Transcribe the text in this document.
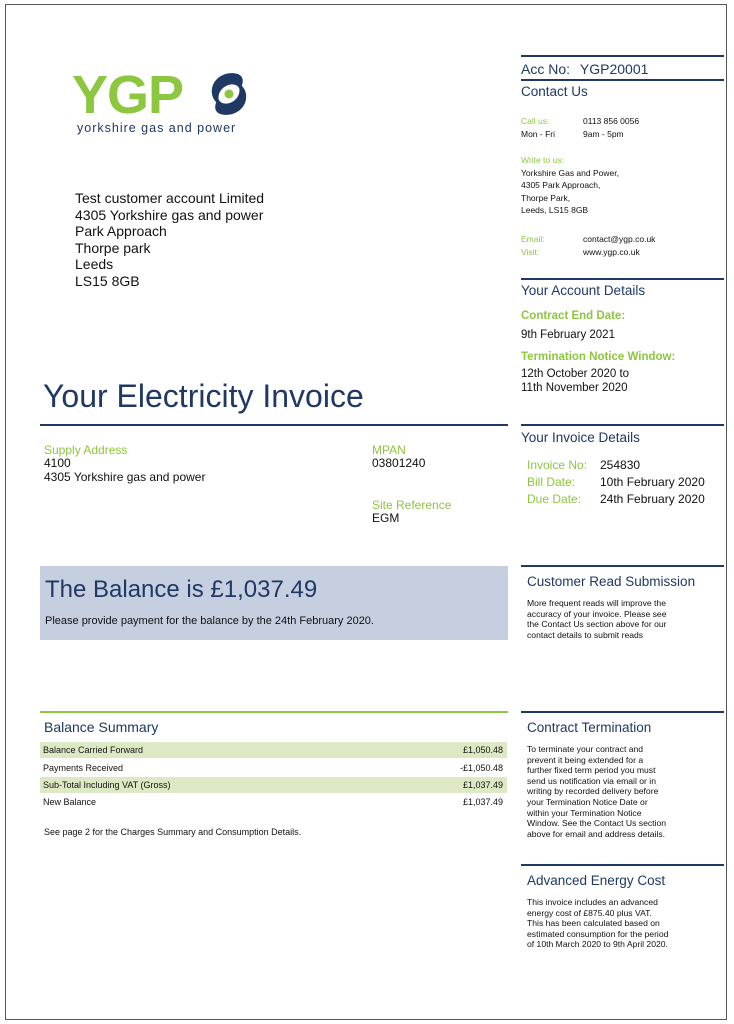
YGP
yorkshire gas and power
Test customer account Limited
4305 Yorkshire gas and power
Park Approach
Thorpe park
Leeds
LS15 8GB
Your Electricity Invoice
Supply Address
4100
4305 Yorkshire gas and power
MPAN
03801240
Site Reference
EGM
The Balance is £1,037.49
Please provide payment for the balance by the 24th February 2020.
Balance Summary
Balance Carried Forward	£1,050.48
Payments Received	-£1,050.48
Sub-Total Including VAT (Gross)	£1,037.49
New Balance	£1,037.49
See page 2 for the Charges Summary and Consumption Details.
Acc No: YGP20001
Contact Us
Call us:	0113 856 0056
Mon - Fri	9am - 5pm
Write to us:
Yorkshire Gas and Power,
4305 Park Approach,
Thorpe Park,
Leeds, LS15 8GB
Email:	contact@ygp.co.uk
Visit:	www.ygp.co.uk
Your Account Details
Contract End Date:
9th February 2021
Termination Notice Window:
12th October 2020 to
11th November 2020
Your Invoice Details
Invoice No: 254830
Bill Date: 10th February 2020
Due Date: 24th February 2020
Customer Read Submission
More frequent reads will improve the
accuracy of your invoice. Please see
the Contact Us section above for our
contact details to submit reads
Contract Termination
To terminate your contract and
prevent it being extended for a
further fixed term period you must
send us notification via email or in
writing by recorded delivery before
your Termination Notice Date or
within your Termination Notice
Window. See the Contact Us section
above for email and address details.
Advanced Energy Cost
This invoice includes an advanced
energy cost of £875.40 plus VAT.
This has been calculated based on
estimated consumption for the period
of 10th March 2020 to 9th April 2020.
